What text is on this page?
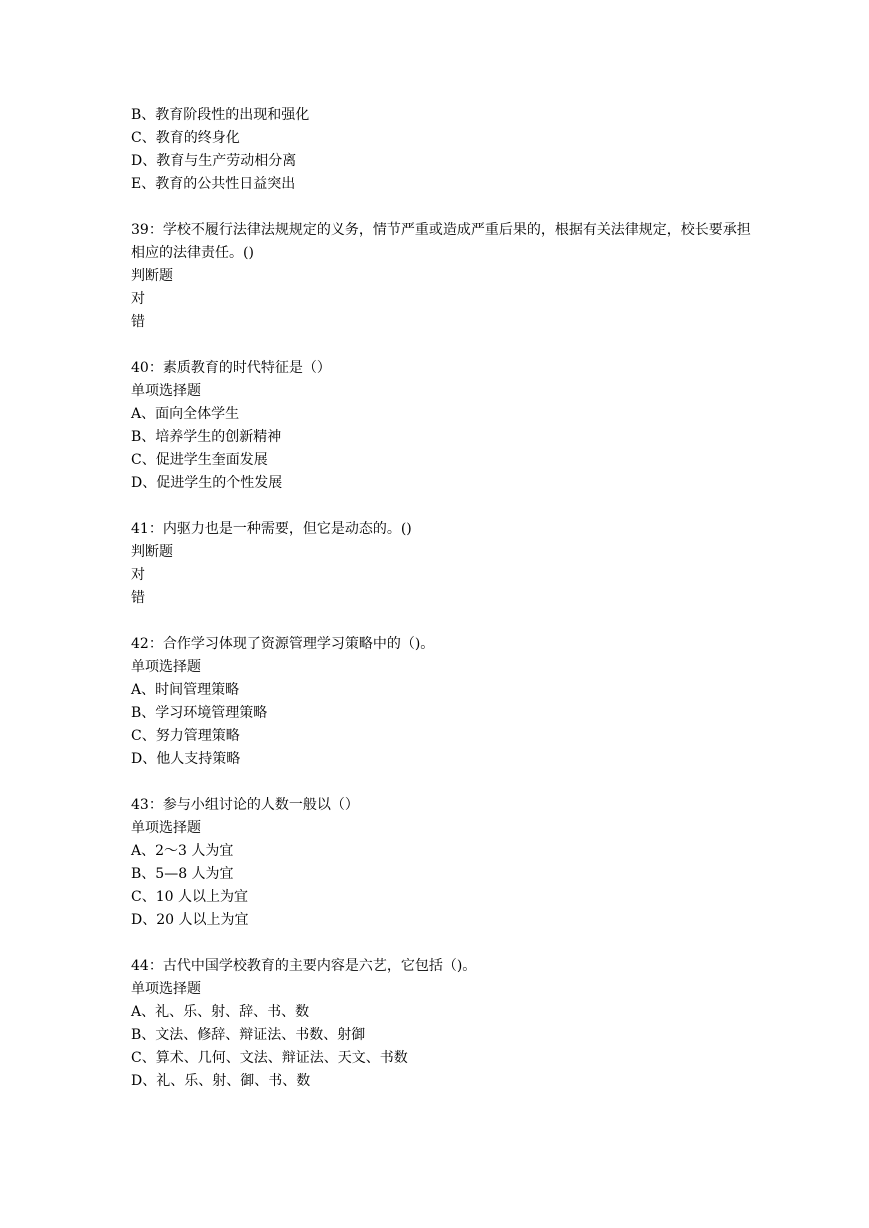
B、教育阶段性的出现和强化
C、教育的终身化
D、教育与生产劳动相分离
E、教育的公共性日益突出
39：学校不履行法律法规规定的义务，情节严重或造成严重后果的，根据有关法律规定，校长要承担相应的法律责任。()
判断题
对
错
40：素质教育的时代特征是（）
单项选择题
A、面向全体学生
B、培养学生的创新精神
C、促进学生奎面发展
D、促进学生的个性发展
41：内驱力也是一种需要，但它是动态的。()
判断题
对
错
42：合作学习体现了资源管理学习策略中的（)。
单项选择题
A、时间管理策略
B、学习环境管理策略
C、努力管理策略
D、他人支持策略
43：参与小组讨论的人数一般以（）
单项选择题
A、2～3 人为宜
B、5—8 人为宜
C、10 人以上为宜
D、20 人以上为宜
44：古代中国学校教育的主要内容是六艺，它包括（)。
单项选择题
A、礼、乐、射、辞、书、数
B、文法、修辞、辩证法、书数、射御
C、算术、几何、文法、辩证法、天文、书数
D、礼、乐、射、御、书、数
